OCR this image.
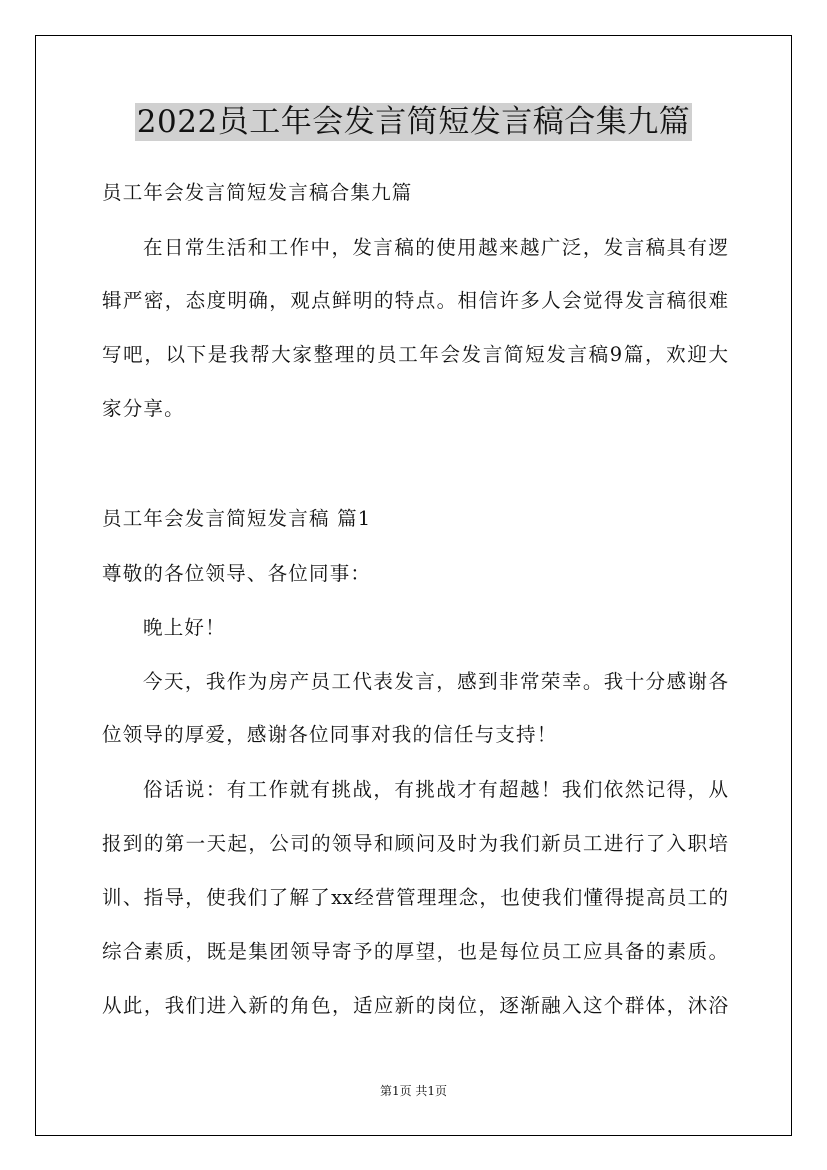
2022员工年会发言简短发言稿合集九篇
员工年会发言简短发言稿合集九篇
在日常生活和工作中，发言稿的使用越来越广泛，发言稿具有逻
辑严密，态度明确，观点鲜明的特点。相信许多人会觉得发言稿很难
写吧，以下是我帮大家整理的员工年会发言简短发言稿9篇，欢迎大
家分享。
员工年会发言简短发言稿 篇1
尊敬的各位领导、各位同事：
晚上好！
今天，我作为房产员工代表发言，感到非常荣幸。我十分感谢各
位领导的厚爱，感谢各位同事对我的信任与支持！
俗话说：有工作就有挑战，有挑战才有超越！我们依然记得，从
报到的第一天起，公司的领导和顾问及时为我们新员工进行了入职培
训、指导，使我们了解了xx经营管理理念，也使我们懂得提高员工的
综合素质，既是集团领导寄予的厚望，也是每位员工应具备的素质。
从此，我们进入新的角色，适应新的岗位，逐渐融入这个群体，沐浴
第1页 共1页
